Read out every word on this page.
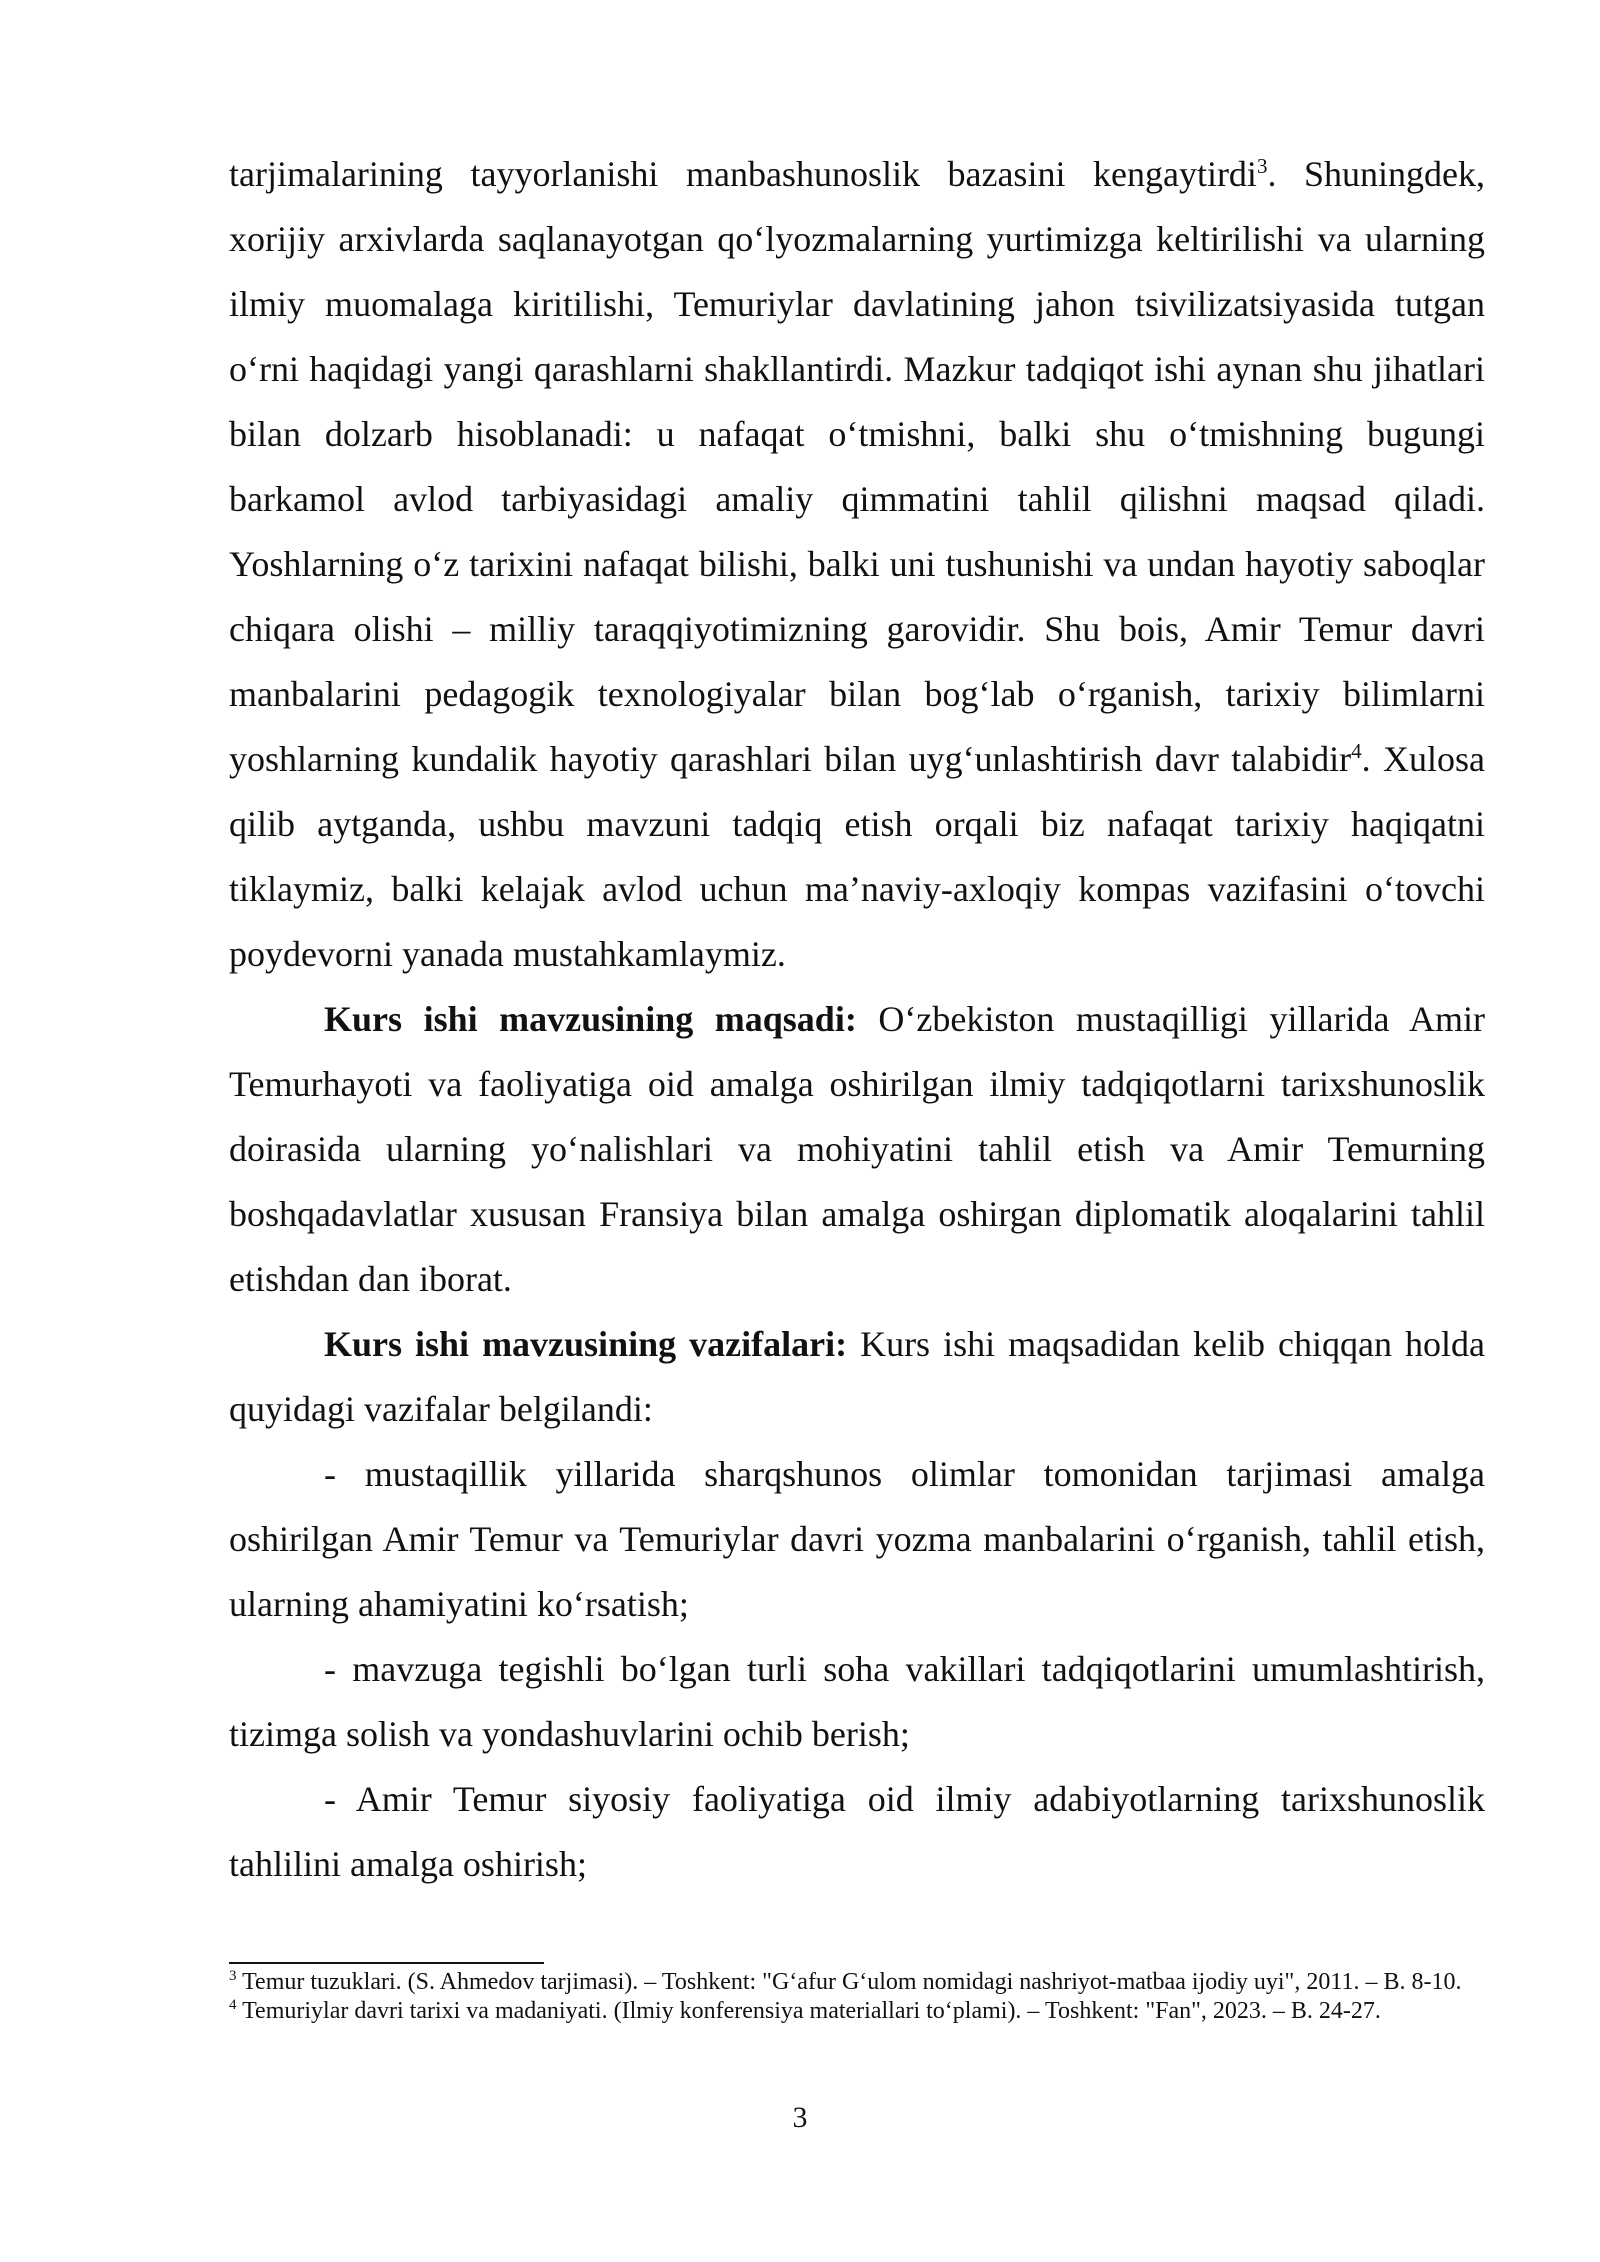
tarjimalarining tayyorlanishi manbashunoslik bazasini kengaytirdi$^3$. Shuningdek, xorijiy arxivlarda saqlanayotgan qo‘lyozmalarning yurtimizga keltirilishi va ularning ilmiy muomalaga kiritilishi, Temuriylar davlatining jahon tsivilizatsiyasida tutgan o‘rni haqidagi yangi qarashlarni shakllantirdi. Mazkur tadqiqot ishi aynan shu jihatlari bilan dolzarb hisoblanadi: u nafaqat o‘tmishni, balki shu o‘tmishning bugungi barkamol avlod tarbiyasidagi amaliy qimmatini tahlil qilishni maqsad qiladi. Yoshlarning o‘z tarixini nafaqat bilishi, balki uni tushunishi va undan hayotiy saboqlar chiqara olishi – milliy taraqqiyotimizning garovidir. Shu bois, Amir Temur davri manbalarini pedagogik texnologiyalar bilan bog‘lab o‘rganish, tarixiy bilimlarni yoshlarning kundalik hayotiy qarashlari bilan uyg‘unlashtirish davr talabidir$^4$. Xulosa qilib aytganda, ushbu mavzuni tadqiq etish orqali biz nafaqat tarixiy haqiqatni tiklaymiz, balki kelajak avlod uchun ma’naviy-axloqiy kompas vazifasini o‘tovchi poydevorni yanada mustahkamlaymiz.

Kurs ishi mavzusining maqsadi: O‘zbekiston mustaqilligi yillarida Amir Temurhayoti va faoliyatiga oid amalga oshirilgan ilmiy tadqiqotlarni tarixshunoslik doirasida ularning yo‘nalishlari va mohiyatini tahlil etish va Amir Temurning boshqadavlatlar xususan Fransiya bilan amalga oshirgan diplomatik aloqalarini tahlil etishdan dan iborat.

Kurs ishi mavzusining vazifalari: Kurs ishi maqsadidan kelib chiqqan holda quyidagi vazifalar belgilandi:

- mustaqillik yillarida sharqshunos olimlar tomonidan tarjimasi amalga oshirilgan Amir Temur va Temuriylar davri yozma manbalarini o‘rganish, tahlil etish, ularning ahamiyatini ko‘rsatish;

- mavzuga tegishli bo‘lgan turli soha vakillari tadqiqotlarini umumlashtirish, tizimga solish va yondashuvlarini ochib berish;

- Amir Temur siyosiy faoliyatiga oid ilmiy adabiyotlarning tarixshunoslik tahlilini amalga oshirish;

$^3$ Temur tuzuklari. (S. Ahmedov tarjimasi). – Toshkent: "G‘afur G‘ulom nomidagi nashriyot-matbaa ijodiy uyi", 2011. – B. 8-10.

$^4$ Temuriylar davri tarixi va madaniyati. (Ilmiy konferensiya materiallari to‘plami). – Toshkent: "Fan", 2023. – B. 24-27.

3
